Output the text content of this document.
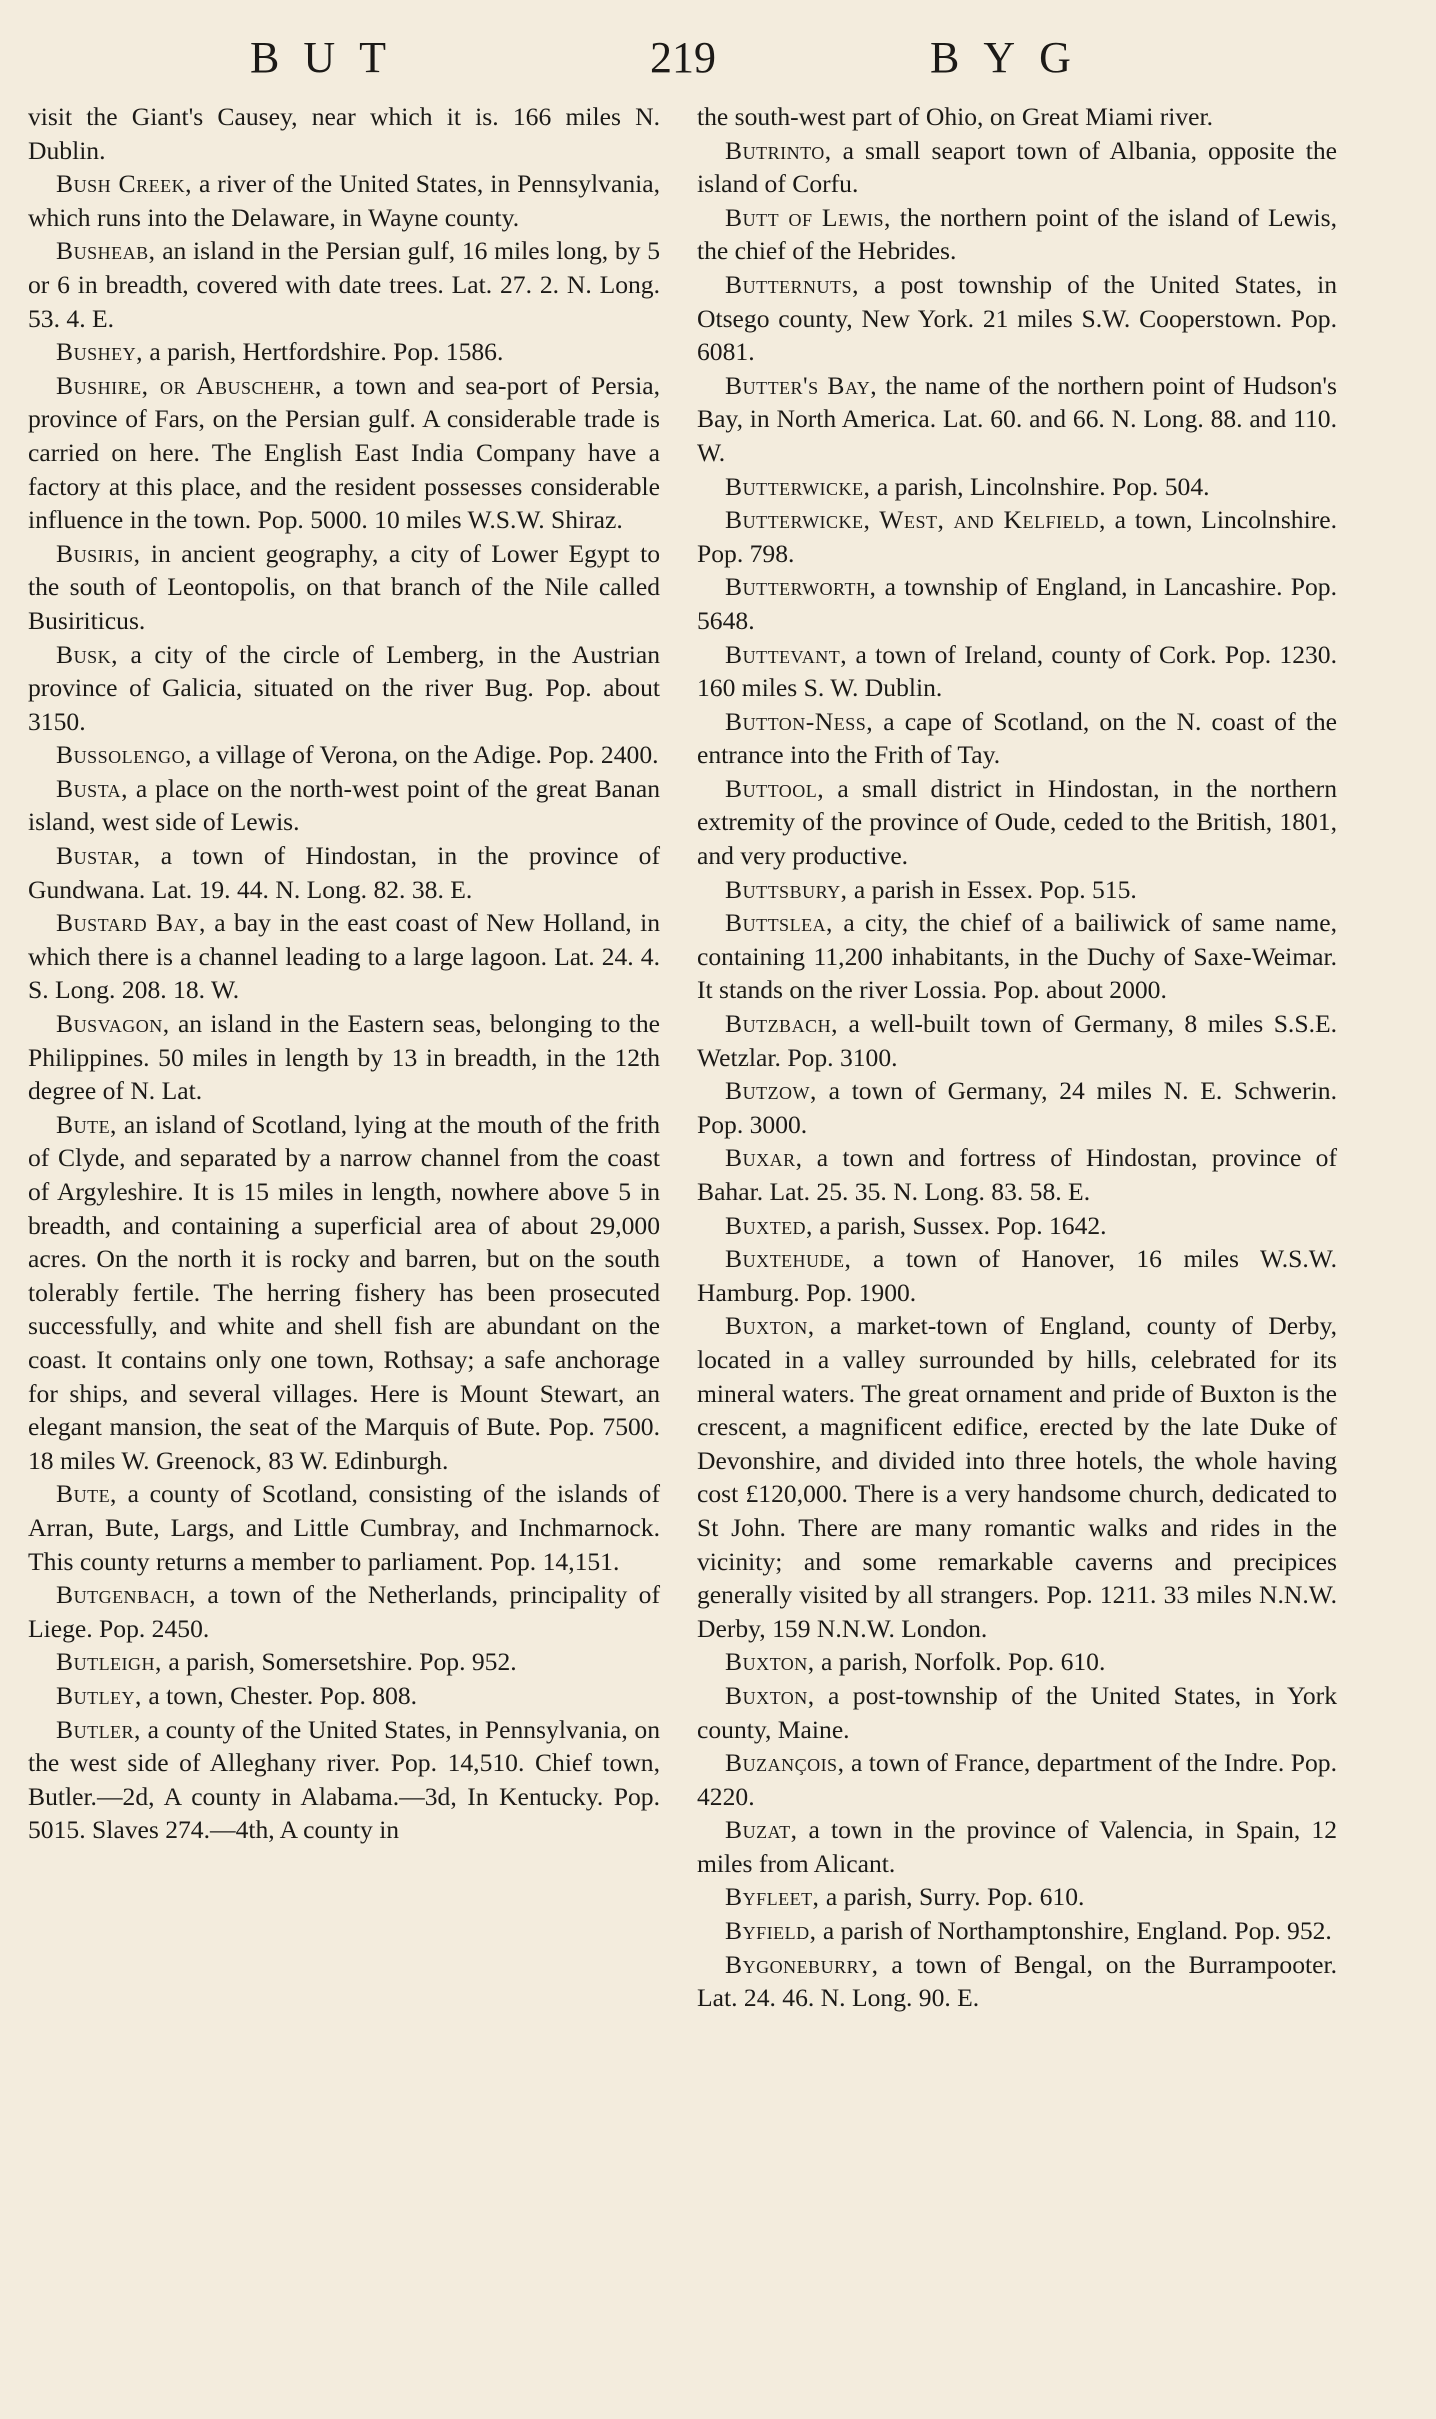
BUT	219	BYG

visit the Giant's Causey, near which it is. 166 miles N. Dublin.

Bush Creek, a river of the United States, in Pennsylvania, which runs into the Delaware, in Wayne county.

Busheab, an island in the Persian gulf, 16 miles long, by 5 or 6 in breadth, covered with date trees. Lat. 27. 2. N. Long. 53. 4. E.

Bushey, a parish, Hertfordshire. Pop. 1586.

Bushire, or Abuschehr, a town and sea-port of Persia, province of Fars, on the Persian gulf. A considerable trade is carried on here. The English East India Company have a factory at this place, and the resident possesses considerable influence in the town. Pop. 5000. 10 miles W.S.W. Shiraz.

Busiris, in ancient geography, a city of Lower Egypt to the south of Leontopolis, on that branch of the Nile called Busiriticus.

Busk, a city of the circle of Lemberg, in the Austrian province of Galicia, situated on the river Bug. Pop. about 3150.

Bussolengo, a village of Verona, on the Adige. Pop. 2400.

Busta, a place on the north-west point of the great Banan island, west side of Lewis.

Bustar, a town of Hindostan, in the province of Gundwana. Lat. 19. 44. N. Long. 82. 38. E.

Bustard Bay, a bay in the east coast of New Holland, in which there is a channel leading to a large lagoon. Lat. 24. 4. S. Long. 208. 18. W.

Busvagon, an island in the Eastern seas, belonging to the Philippines. 50 miles in length by 13 in breadth, in the 12th degree of N. Lat.

Bute, an island of Scotland, lying at the mouth of the frith of Clyde, and separated by a narrow channel from the coast of Argyleshire. It is 15 miles in length, nowhere above 5 in breadth, and containing a superficial area of about 29,000 acres. On the north it is rocky and barren, but on the south tolerably fertile. The herring fishery has been prosecuted successfully, and white and shell fish are abundant on the coast. It contains only one town, Rothsay; a safe anchorage for ships, and several villages. Here is Mount Stewart, an elegant mansion, the seat of the Marquis of Bute. Pop. 7500. 18 miles W. Greenock, 83 W. Edinburgh.

Bute, a county of Scotland, consisting of the islands of Arran, Bute, Largs, and Little Cumbray, and Inchmarnock. This county returns a member to parliament. Pop. 14,151.

Butgenbach, a town of the Netherlands, principality of Liege. Pop. 2450.

Butleigh, a parish, Somersetshire. Pop. 952.

Butley, a town, Chester. Pop. 808.

Butler, a county of the United States, in Pennsylvania, on the west side of Alleghany river. Pop. 14,510. Chief town, Butler.—2d, A county in Alabama.—3d, In Kentucky. Pop. 5015. Slaves 274.—4th, A county in

the south-west part of Ohio, on Great Miami river.

Butrinto, a small seaport town of Albania, opposite the island of Corfu.

Butt of Lewis, the northern point of the island of Lewis, the chief of the Hebrides.

Butternuts, a post township of the United States, in Otsego county, New York. 21 miles S.W. Cooperstown. Pop. 6081.

Butter's Bay, the name of the northern point of Hudson's Bay, in North America. Lat. 60. and 66. N. Long. 88. and 110. W.

Butterwicke, a parish, Lincolnshire. Pop. 504.

Butterwicke, West, and Kelfield, a town, Lincolnshire. Pop. 798.

Butterworth, a township of England, in Lancashire. Pop. 5648.

Buttevant, a town of Ireland, county of Cork. Pop. 1230. 160 miles S. W. Dublin.

Button-Ness, a cape of Scotland, on the N. coast of the entrance into the Frith of Tay.

Buttool, a small district in Hindostan, in the northern extremity of the province of Oude, ceded to the British, 1801, and very productive.

Buttsbury, a parish in Essex. Pop. 515.

Buttslea, a city, the chief of a bailiwick of same name, containing 11,200 inhabitants, in the Duchy of Saxe-Weimar. It stands on the river Lossia. Pop. about 2000.

Butzbach, a well-built town of Germany, 8 miles S.S.E. Wetzlar. Pop. 3100.

Butzow, a town of Germany, 24 miles N. E. Schwerin. Pop. 3000.

Buxar, a town and fortress of Hindostan, province of Bahar. Lat. 25. 35. N. Long. 83. 58. E.

Buxted, a parish, Sussex. Pop. 1642.

Buxtehude, a town of Hanover, 16 miles W.S.W. Hamburg. Pop. 1900.

Buxton, a market-town of England, county of Derby, located in a valley surrounded by hills, celebrated for its mineral waters. The great ornament and pride of Buxton is the crescent, a magnificent edifice, erected by the late Duke of Devonshire, and divided into three hotels, the whole having cost £120,000. There is a very handsome church, dedicated to St John. There are many romantic walks and rides in the vicinity; and some remarkable caverns and precipices generally visited by all strangers. Pop. 1211. 33 miles N.N.W. Derby, 159 N.N.W. London.

Buxton, a parish, Norfolk. Pop. 610.

Buxton, a post-township of the United States, in York county, Maine.

Buzançois, a town of France, department of the Indre. Pop. 4220.

Buzat, a town in the province of Valencia, in Spain, 12 miles from Alicant.

Byfleet, a parish, Surry. Pop. 610.

Byfield, a parish of Northamptonshire, England. Pop. 952.

Bygoneburry, a town of Bengal, on the Burrampooter. Lat. 24. 46. N. Long. 90. E.
